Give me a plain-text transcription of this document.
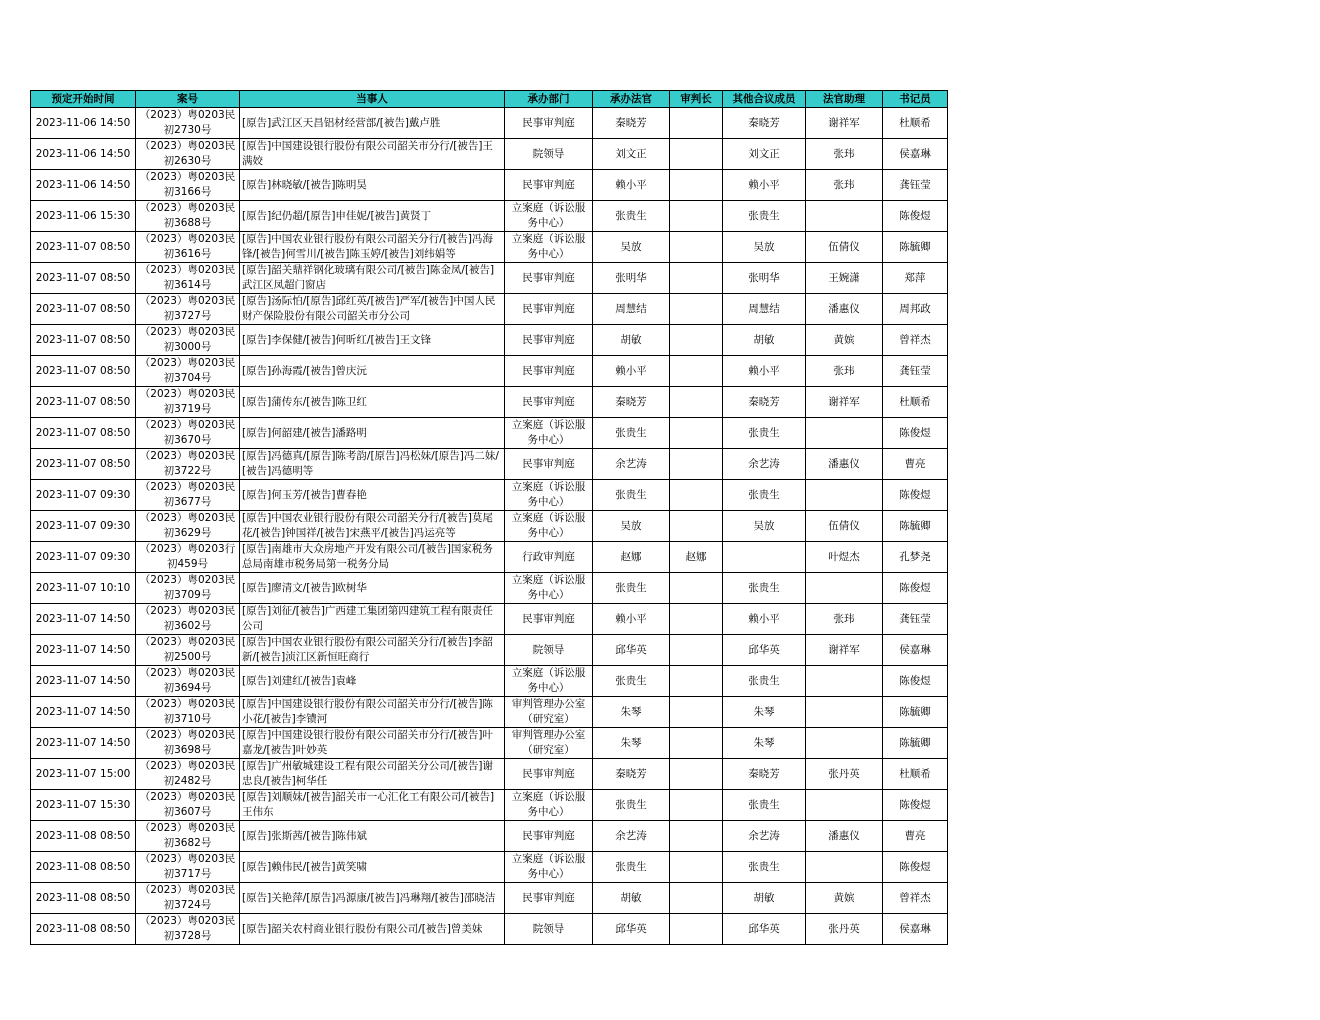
预定开始时间	案号	当事人	承办部门	承办法官	审判长	其他合议成员	法官助理	书记员
2023-11-06 14:50	（2023）粤0203民初2730号	[原告]武江区天昌铝材经营部/[被告]戴卢胜	民事审判庭	秦晓芳		秦晓芳	谢祥军	杜顺希
2023-11-06 14:50	（2023）粤0203民初2630号	[原告]中国建设银行股份有限公司韶关市分行/[被告]王满姣	院领导	刘文正		刘文正	张玮	侯嘉琳
2023-11-06 14:50	（2023）粤0203民初3166号	[原告]林晓敏/[被告]陈明昊	民事审判庭	赖小平		赖小平	张玮	龚钰莹
2023-11-06 15:30	（2023）粤0203民初3688号	[原告]纪仍超/[原告]申佳妮/[被告]黄贤丁	立案庭（诉讼服务中心）	张贵生		张贵生		陈俊煜
2023-11-07 08:50	（2023）粤0203民初3616号	[原告]中国农业银行股份有限公司韶关分行/[被告]冯海锋/[被告]何雪川/[被告]陈玉婷/[被告]刘纬娟等	立案庭（诉讼服务中心）	吴放		吴放	伍倩仪	陈毓卿
2023-11-07 08:50	（2023）粤0203民初3614号	[原告]韶关鼎祥钢化玻璃有限公司/[被告]陈金凤/[被告]武江区凤超门窗店	民事审判庭	张明华		张明华	王婉潇	郑萍
2023-11-07 08:50	（2023）粤0203民初3727号	[原告]汤际怕/[原告]邱红英/[被告]严军/[被告]中国人民财产保险股份有限公司韶关市分公司	民事审判庭	周慧结		周慧结	潘惠仪	周邦政
2023-11-07 08:50	（2023）粤0203民初3000号	[原告]李保健/[被告]何昕红/[被告]王文锋	民事审判庭	胡敏		胡敏	黄嫔	曾祥杰
2023-11-07 08:50	（2023）粤0203民初3704号	[原告]孙海霞/[被告]曾庆沅	民事审判庭	赖小平		赖小平	张玮	龚钰莹
2023-11-07 08:50	（2023）粤0203民初3719号	[原告]蒲传东/[被告]陈卫红	民事审判庭	秦晓芳		秦晓芳	谢祥军	杜顺希
2023-11-07 08:50	（2023）粤0203民初3670号	[原告]何韶建/[被告]潘路明	立案庭（诉讼服务中心）	张贵生		张贵生		陈俊煜
2023-11-07 08:50	（2023）粤0203民初3722号	[原告]冯德真/[原告]陈考韵/[原告]冯松妹/[原告]冯二妹/[被告]冯德明等	民事审判庭	余艺涛		余艺涛	潘惠仪	曹亮
2023-11-07 09:30	（2023）粤0203民初3677号	[原告]何玉芳/[被告]曹春艳	立案庭（诉讼服务中心）	张贵生		张贵生		陈俊煜
2023-11-07 09:30	（2023）粤0203民初3629号	[原告]中国农业银行股份有限公司韶关分行/[被告]莫尾花/[被告]钟国祥/[被告]宋燕平/[被告]冯运亮等	立案庭（诉讼服务中心）	吴放		吴放	伍倩仪	陈毓卿
2023-11-07 09:30	（2023）粤0203行初459号	[原告]南雄市大众房地产开发有限公司/[被告]国家税务总局南雄市税务局第一税务分局	行政审判庭	赵娜	赵娜		叶煜杰	孔梦尧
2023-11-07 10:10	（2023）粤0203民初3709号	[原告]廖清文/[被告]欧树华	立案庭（诉讼服务中心）	张贵生		张贵生		陈俊煜
2023-11-07 14:50	（2023）粤0203民初3602号	[原告]刘征/[被告]广西建工集团第四建筑工程有限责任公司	民事审判庭	赖小平		赖小平	张玮	龚钰莹
2023-11-07 14:50	（2023）粤0203民初2500号	[原告]中国农业银行股份有限公司韶关分行/[被告]李韶新/[被告]浈江区新恒旺商行	院领导	邱华英		邱华英	谢祥军	侯嘉琳
2023-11-07 14:50	（2023）粤0203民初3694号	[原告]刘建红/[被告]袁峰	立案庭（诉讼服务中心）	张贵生		张贵生		陈俊煜
2023-11-07 14:50	（2023）粤0203民初3710号	[原告]中国建设银行股份有限公司韶关市分行/[被告]陈小花/[被告]李镄河	审判管理办公室（研究室）	朱琴		朱琴		陈毓卿
2023-11-07 14:50	（2023）粤0203民初3698号	[原告]中国建设银行股份有限公司韶关市分行/[被告]叶嘉龙/[被告]叶妙英	审判管理办公室（研究室）	朱琴		朱琴		陈毓卿
2023-11-07 15:00	（2023）粤0203民初2482号	[原告]广州敏城建设工程有限公司韶关分公司/[被告]谢忠良/[被告]柯华任	民事审判庭	秦晓芳		秦晓芳	张丹英	杜顺希
2023-11-07 15:30	（2023）粤0203民初3607号	[原告]刘顺妹/[被告]韶关市一心汇化工有限公司/[被告]王伟东	立案庭（诉讼服务中心）	张贵生		张贵生		陈俊煜
2023-11-08 08:50	（2023）粤0203民初3682号	[原告]张斯茜/[被告]陈伟斌	民事审判庭	余艺涛		余艺涛	潘惠仪	曹亮
2023-11-08 08:50	（2023）粤0203民初3717号	[原告]赖伟民/[被告]黄笑啸	立案庭（诉讼服务中心）	张贵生		张贵生		陈俊煜
2023-11-08 08:50	（2023）粤0203民初3724号	[原告]关艳萍/[原告]冯源康/[被告]冯琳翔/[被告]邵晓洁	民事审判庭	胡敏		胡敏	黄嫔	曾祥杰
2023-11-08 08:50	（2023）粤0203民初3728号	[原告]韶关农村商业银行股份有限公司/[被告]曾美妹	院领导	邱华英		邱华英	张丹英	侯嘉琳
